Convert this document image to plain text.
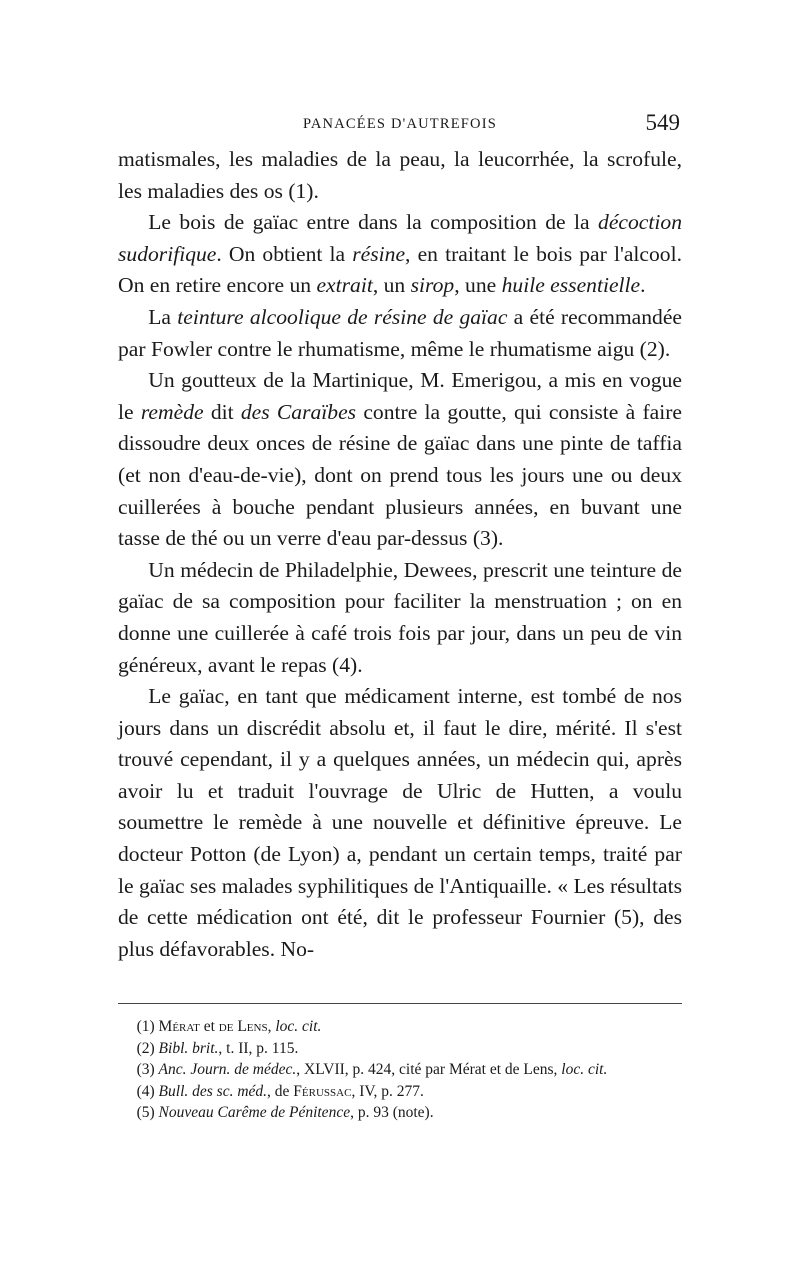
PANACÉES D'AUTREFOIS	549

matismales, les maladies de la peau, la leucorrhée, la scrofule, les maladies des os (1).

Le bois de gaïac entre dans la composition de la décoction sudorifique. On obtient la résine, en traitant le bois par l'alcool. On en retire encore un extrait, un sirop, une huile essentielle.

La teinture alcoolique de résine de gaïac a été recommandée par Fowler contre le rhumatisme, même le rhumatisme aigu (2).

Un goutteux de la Martinique, M. Emerigou, a mis en vogue le remède dit des Caraïbes contre la goutte, qui consiste à faire dissoudre deux onces de résine de gaïac dans une pinte de taffia (et non d'eau-de-vie), dont on prend tous les jours une ou deux cuillerées à bouche pendant plusieurs années, en buvant une tasse de thé ou un verre d'eau par-dessus (3).

Un médecin de Philadelphie, Dewees, prescrit une teinture de gaïac de sa composition pour faciliter la menstruation ; on en donne une cuillerée à café trois fois par jour, dans un peu de vin généreux, avant le repas (4).

Le gaïac, en tant que médicament interne, est tombé de nos jours dans un discrédit absolu et, il faut le dire, mérité. Il s'est trouvé cependant, il y a quelques années, un médecin qui, après avoir lu et traduit l'ouvrage de Ulric de Hutten, a voulu soumettre le remède à une nouvelle et définitive épreuve. Le docteur Potton (de Lyon) a, pendant un certain temps, traité par le gaïac ses malades syphilitiques de l'Antiquaille. « Les résultats de cette médication ont été, dit le professeur Fournier (5), des plus défavorables. No-

(1) Mérat et de Lens, loc. cit.

(2) Bibl. brit., t. II, p. 115.

(3) Anc. Journ. de médec., XLVII, p. 424, cité par Mérat et de Lens, loc. cit.

(4) Bull. des sc. méd., de Férussac, IV, p. 277.

(5) Nouveau Carême de Pénitence, p. 93 (note).
